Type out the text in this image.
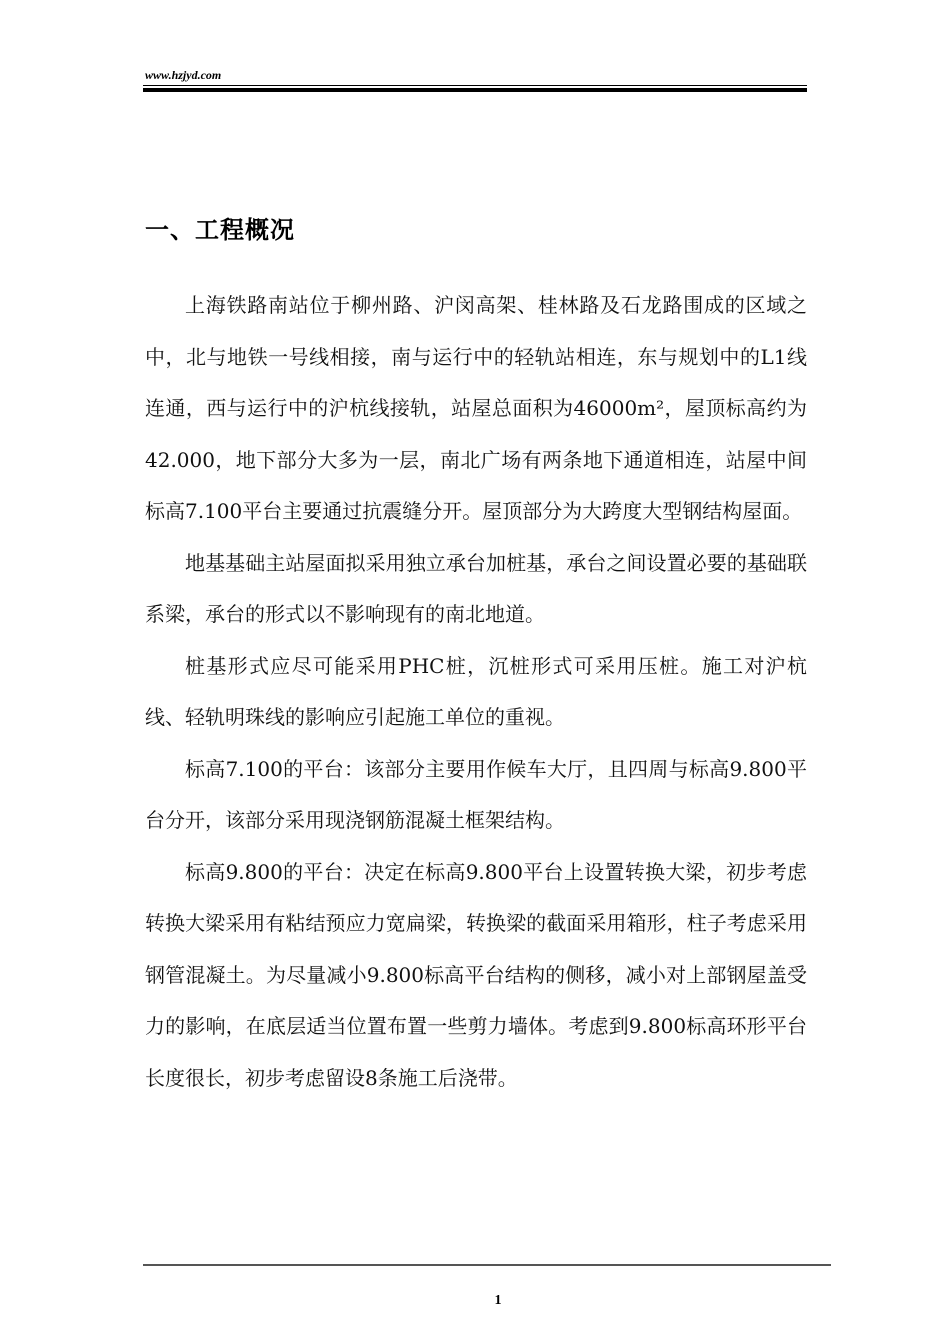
www.hzjyd.com
一、工程概况

上海铁路南站位于柳州路、沪闵高架、桂林路及石龙路围成的区域之中，北与地铁一号线相接，南与运行中的轻轨站相连，东与规划中的L1线连通，西与运行中的沪杭线接轨，站屋总面积为46000m²，屋顶标高约为　42.000，地下部分大多为一层，南北广场有两条地下通道相连，站屋中间标高7.100平台主要通过抗震缝分开。屋顶部分为大跨度大型钢结构屋面。

地基基础主站屋面拟采用独立承台加桩基，承台之间设置必要的基础联系梁，承台的形式以不影响现有的南北地道。

桩基形式应尽可能采用PHC桩，沉桩形式可采用压桩。施工对沪杭线、轻轨明珠线的影响应引起施工单位的重视。

标高7.100的平台：该部分主要用作候车大厅，且四周与标高9.800平台分开，该部分采用现浇钢筋混凝土框架结构。

标高9.800的平台：决定在标高9.800平台上设置转换大梁，初步考虑转换大梁采用有粘结预应力宽扁梁，转换梁的截面采用箱形，柱子考虑采用钢管混凝土。为尽量减小9.800标高平台结构的侧移，减小对上部钢屋盖受力的影响，在底层适当位置布置一些剪力墙体。考虑到9.800标高环形平台长度很长，初步考虑留设8条施工后浇带。

1
